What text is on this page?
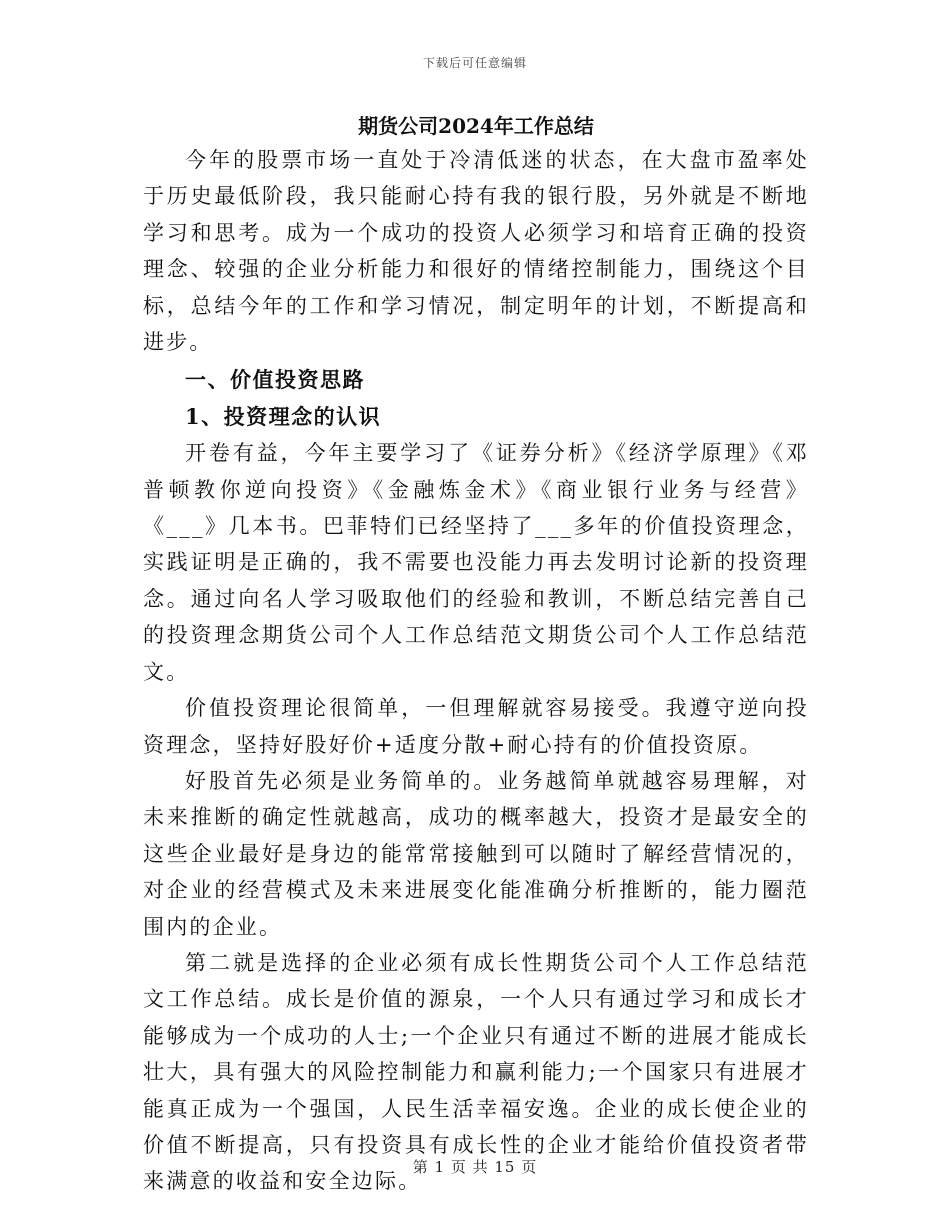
下载后可任意编辑
期货公司2024年工作总结

今年的股票市场一直处于冷清低迷的状态，在大盘市盈率处于历史最低阶段，我只能耐心持有我的银行股，另外就是不断地学习和思考。成为一个成功的投资人必须学习和培育正确的投资理念、较强的企业分析能力和很好的情绪控制能力，围绕这个目标，总结今年的工作和学习情况，制定明年的计划，不断提高和进步。

一、价值投资思路
1、投资理念的认识

开卷有益，今年主要学习了《证券分析》《经济学原理》《邓普顿教你逆向投资》《金融炼金术》《商业银行业务与经营》《___》几本书。巴菲特们已经坚持了___多年的价值投资理念，实践证明是正确的，我不需要也没能力再去发明讨论新的投资理念。通过向名人学习吸取他们的经验和教训，不断总结完善自己的投资理念期货公司个人工作总结范文期货公司个人工作总结范文。

价值投资理论很简单，一但理解就容易接受。我遵守逆向投资理念，坚持好股好价+适度分散+耐心持有的价值投资原。

好股首先必须是业务简单的。业务越简单就越容易理解，对未来推断的确定性就越高，成功的概率越大，投资才是最安全的这些企业最好是身边的能常常接触到可以随时了解经营情况的，对企业的经营模式及未来进展变化能准确分析推断的，能力圈范围内的企业。

第二就是选择的企业必须有成长性期货公司个人工作总结范文工作总结。成长是价值的源泉，一个人只有通过学习和成长才能够成为一个成功的人士;一个企业只有通过不断的进展才能成长壮大，具有强大的风险控制能力和赢利能力;一个国家只有进展才能真正成为一个强国，人民生活幸福安逸。企业的成长使企业的价值不断提高，只有投资具有成长性的企业才能给价值投资者带来满意的收益和安全边际。

第 1 页 共 15 页
